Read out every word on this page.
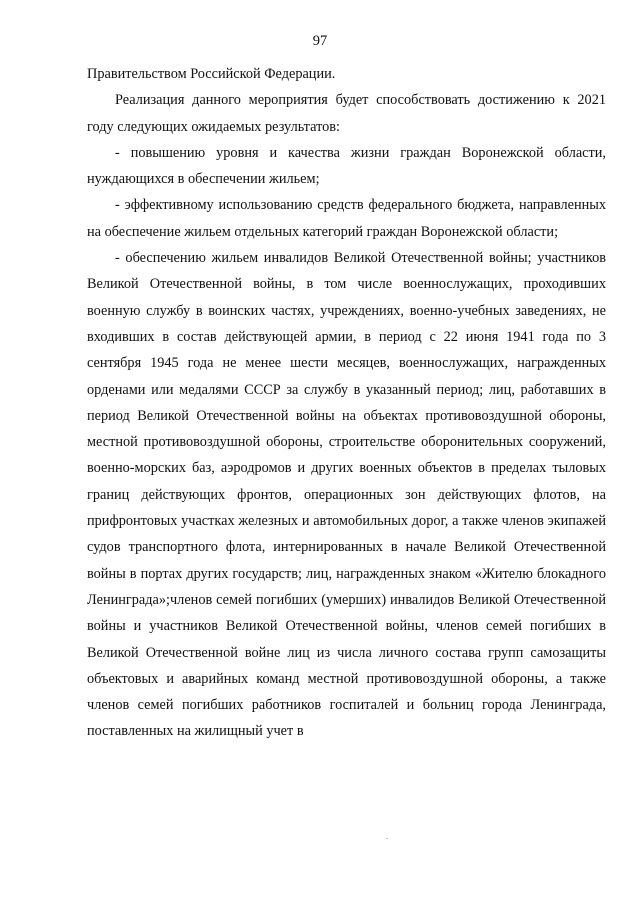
97

Правительством Российской Федерации.

Реализация данного мероприятия будет способствовать достижению к 2021 году следующих ожидаемых результатов:

- повышению уровня и качества жизни граждан Воронежской области, нуждающихся в обеспечении жильем;

- эффективному использованию средств федерального бюджета, направленных на обеспечение жильем отдельных категорий граждан Воронежской области;

- обеспечению жильем инвалидов Великой Отечественной войны; участников Великой Отечественной войны, в том числе военнослужащих, проходивших военную службу в воинских частях, учреждениях, военно-учебных заведениях, не входивших в состав действующей армии, в период с 22 июня 1941 года по 3 сентября 1945 года не менее шести месяцев, военнослужащих, награжденных орденами или медалями СССР за службу в указанный период; лиц, работавших в период Великой Отечественной войны на объектах противовоздушной обороны, местной противовоздушной обороны, строительстве оборонительных сооружений, военно-морских баз, аэродромов и других военных объектов в пределах тыловых границ действующих фронтов, операционных зон действующих флотов, на прифронтовых участках железных и автомобильных дорог, а также членов экипажей судов транспортного флота, интернированных в начале Великой Отечественной войны в портах других государств; лиц, награжденных знаком «Жителю блокадного Ленинграда»;членов семей погибших (умерших) инвалидов Великой Отечественной войны и участников Великой Отечественной войны, членов семей погибших в Великой Отечественной войне лиц из числа личного состава групп самозащиты объектовых и аварийных команд местной противовоздушной обороны, а также членов семей погибших работников госпиталей и больниц города Ленинграда, поставленных на жилищный учет в
